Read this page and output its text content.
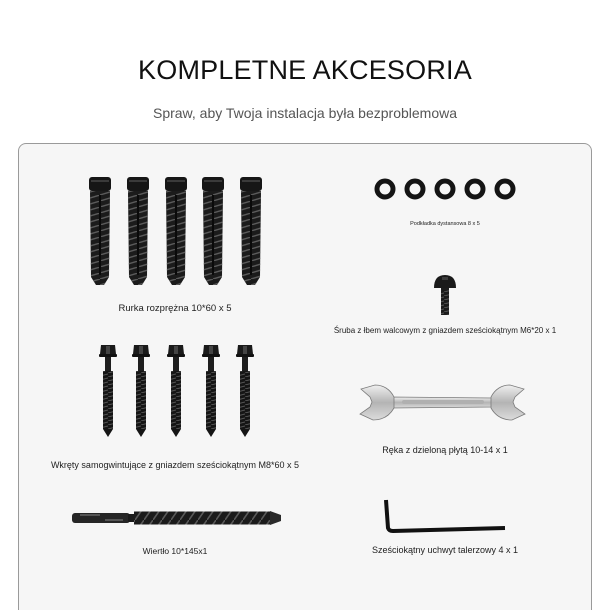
KOMPLETNE AKCESORIA
Spraw, aby Twoja instalacja była bezproblemowa
Rurka rozprężna 10*60 x 5
Podkładka dystansowa 8 x 5
Śruba z łbem walcowym z gniazdem sześciokątnym M6*20 x 1
Wkręty samogwintujące z gniazdem sześciokątnym M8*60 x 5
Ręka z dzieloną płytą 10-14 x 1
Wiertło 10*145x1	Sześciokątny uchwyt talerzowy 4 x 1
